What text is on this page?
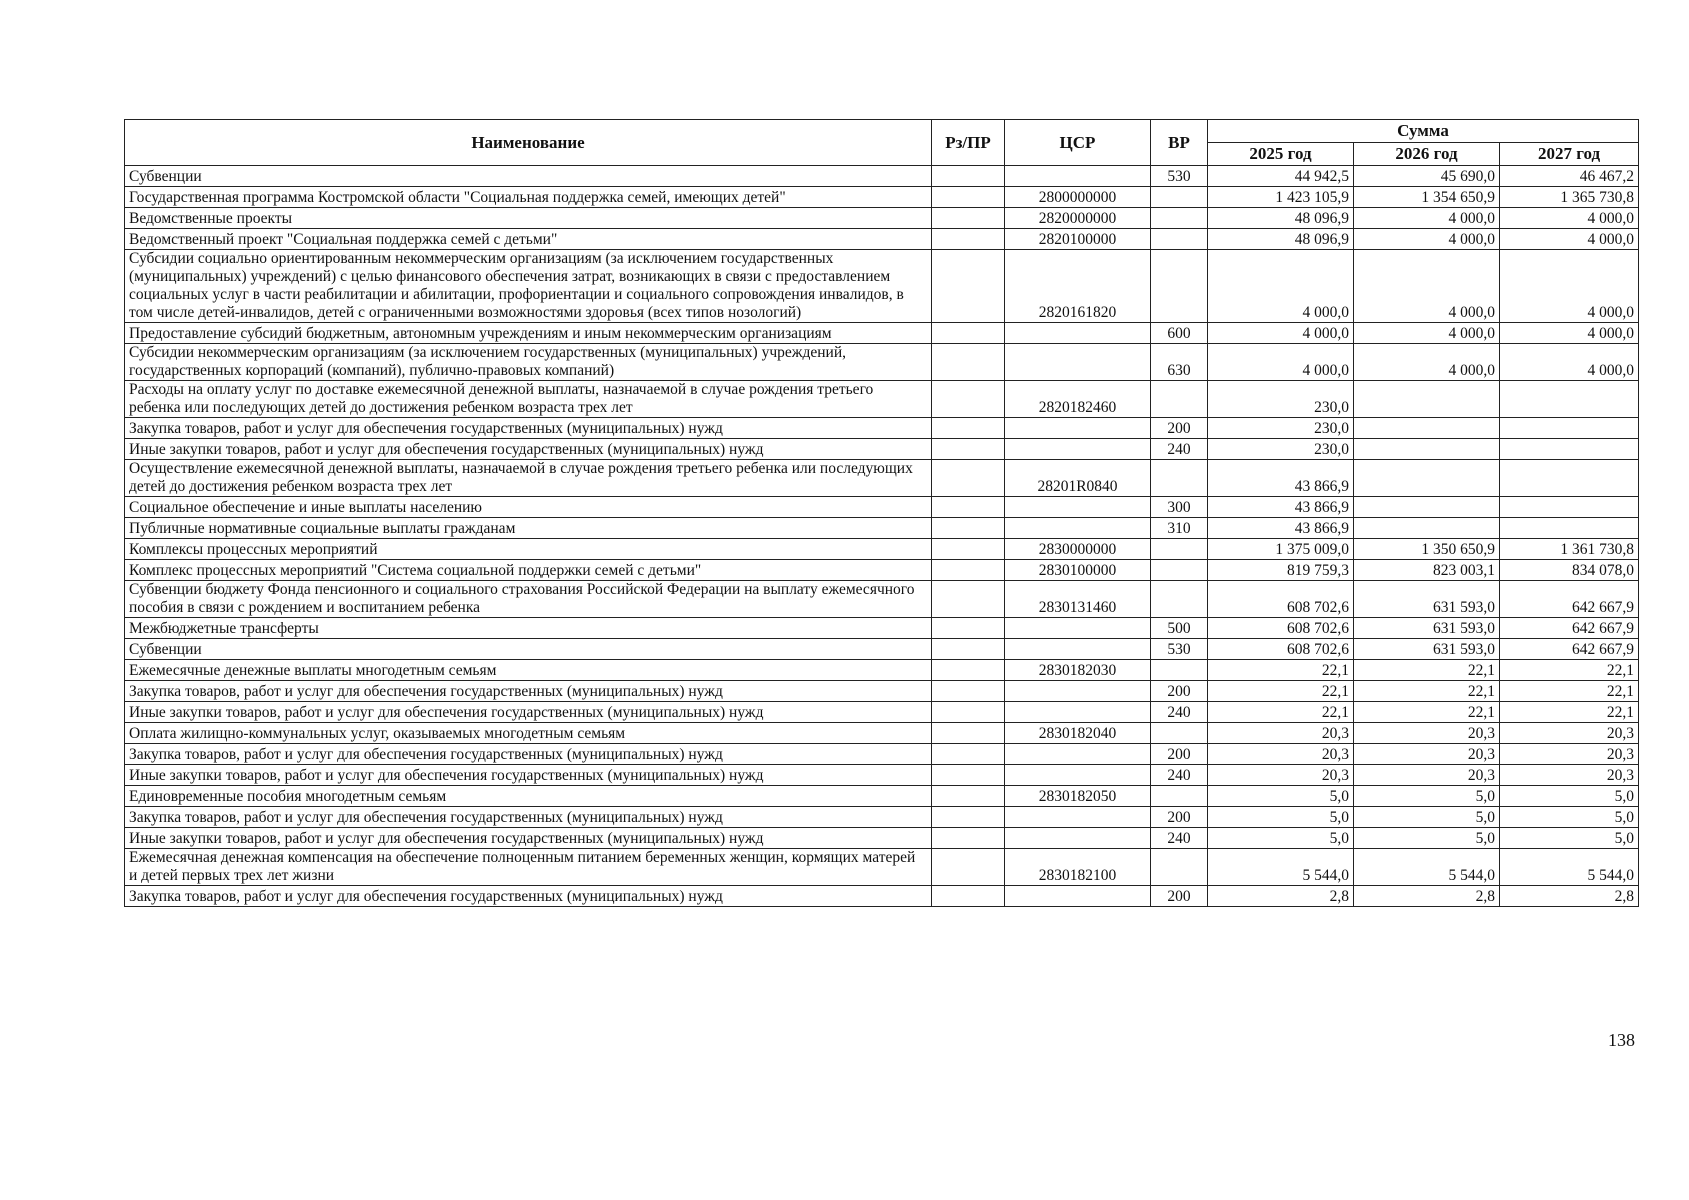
Наименование	Рз/ПР	ЦСР	ВР	Сумма		
				2025 год	2026 год	2027 год
Субвенции			530	44 942,5	45 690,0	46 467,2
Государственная программа Костромской области "Социальная поддержка семей, имеющих детей"		2800000000		1 423 105,9	1 354 650,9	1 365 730,8
Ведомственные проекты		2820000000		48 096,9	4 000,0	4 000,0
Ведомственный проект "Социальная поддержка семей с детьми"		2820100000		48 096,9	4 000,0	4 000,0
Субсидии социально ориентированным некоммерческим организациям (за исключением государственных (муниципальных) учреждений) с целью финансового обеспечения затрат, возникающих в связи с предоставлением социальных услуг в части реабилитации и абилитации, профориентации и социального сопровождения инвалидов, в том числе детей-инвалидов, детей с ограниченными возможностями здоровья (всех типов нозологий)		2820161820		4 000,0	4 000,0	4 000,0
Предоставление субсидий бюджетным, автономным учреждениям и иным некоммерческим организациям			600	4 000,0	4 000,0	4 000,0
Субсидии некоммерческим организациям (за исключением государственных (муниципальных) учреждений, государственных корпораций (компаний), публично-правовых компаний)			630	4 000,0	4 000,0	4 000,0
Расходы на оплату услуг по доставке ежемесячной денежной выплаты, назначаемой в случае рождения третьего ребенка или последующих детей до достижения ребенком возраста трех лет		2820182460		230,0		
Закупка товаров, работ и услуг для обеспечения государственных (муниципальных) нужд			200	230,0		
Иные закупки товаров, работ и услуг для обеспечения государственных (муниципальных) нужд			240	230,0		
Осуществление ежемесячной денежной выплаты, назначаемой в случае рождения третьего ребенка или последующих детей до достижения ребенком возраста трех лет		28201R0840		43 866,9		
Социальное обеспечение и иные выплаты населению			300	43 866,9		
Публичные нормативные социальные выплаты гражданам			310	43 866,9		
Комплексы процессных мероприятий		2830000000		1 375 009,0	1 350 650,9	1 361 730,8
Комплекс процессных мероприятий "Система социальной поддержки семей с детьми"		2830100000		819 759,3	823 003,1	834 078,0
Субвенции бюджету Фонда пенсионного и социального страхования Российской Федерации на выплату ежемесячного пособия в связи с рождением и воспитанием ребенка		2830131460		608 702,6	631 593,0	642 667,9
Межбюджетные трансферты			500	608 702,6	631 593,0	642 667,9
Субвенции			530	608 702,6	631 593,0	642 667,9
Ежемесячные денежные выплаты многодетным семьям		2830182030		22,1	22,1	22,1
Закупка товаров, работ и услуг для обеспечения государственных (муниципальных) нужд			200	22,1	22,1	22,1
Иные закупки товаров, работ и услуг для обеспечения государственных (муниципальных) нужд			240	22,1	22,1	22,1
Оплата жилищно-коммунальных услуг, оказываемых многодетным семьям		2830182040		20,3	20,3	20,3
Закупка товаров, работ и услуг для обеспечения государственных (муниципальных) нужд			200	20,3	20,3	20,3
Иные закупки товаров, работ и услуг для обеспечения государственных (муниципальных) нужд			240	20,3	20,3	20,3
Единовременные пособия многодетным семьям		2830182050		5,0	5,0	5,0
Закупка товаров, работ и услуг для обеспечения государственных (муниципальных) нужд			200	5,0	5,0	5,0
Иные закупки товаров, работ и услуг для обеспечения государственных (муниципальных) нужд			240	5,0	5,0	5,0
Ежемесячная денежная компенсация на обеспечение полноценным питанием беременных женщин, кормящих матерей и детей первых трех лет жизни		2830182100		5 544,0	5 544,0	5 544,0
Закупка товаров, работ и услуг для обеспечения государственных (муниципальных) нужд			200	2,8	2,8	2,8
138
